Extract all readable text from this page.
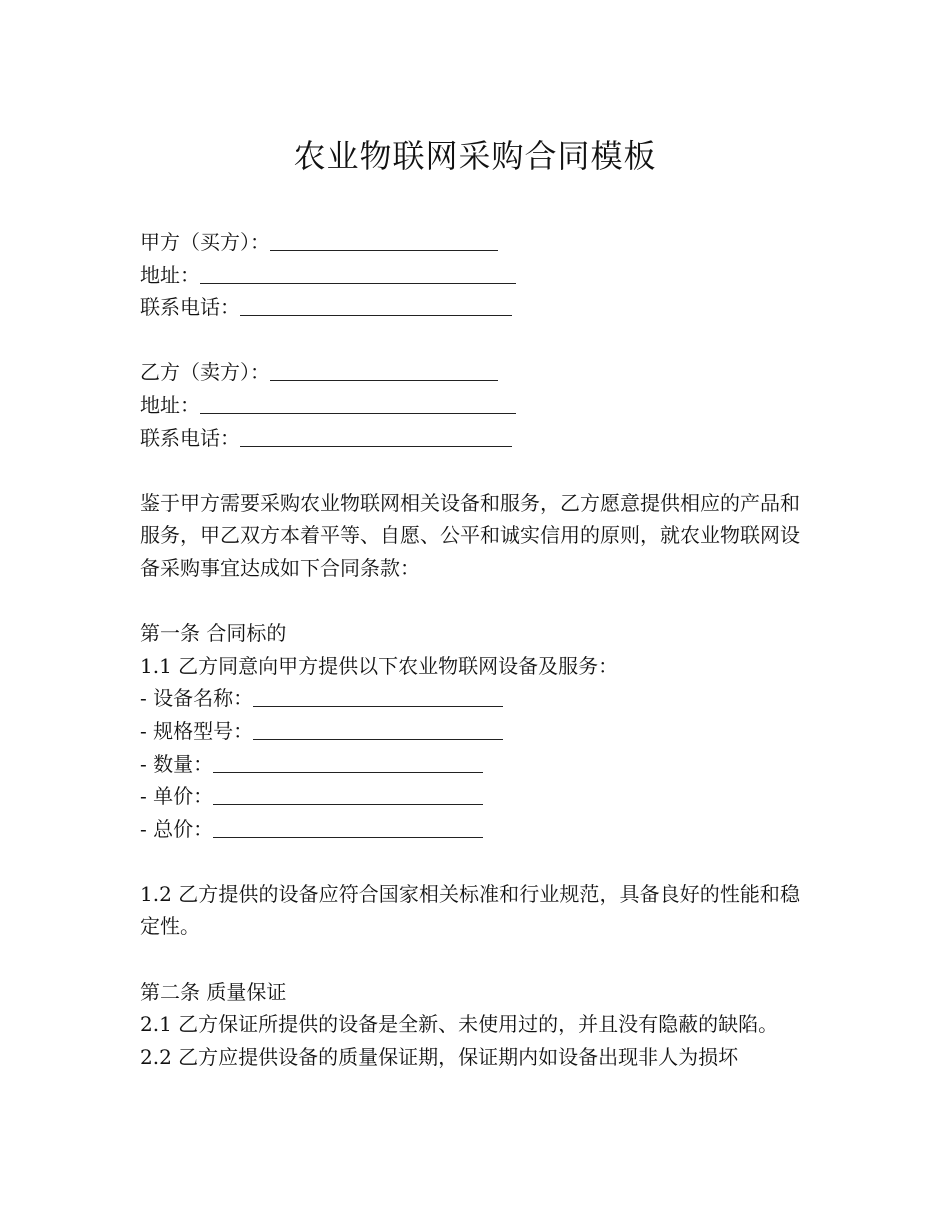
农业物联网采购合同模板
甲方（买方）：
地址：
联系电话：
乙方（卖方）：
地址：
联系电话：
鉴于甲方需要采购农业物联网相关设备和服务，乙方愿意提供相应的产品和服务，甲乙双方本着平等、自愿、公平和诚实信用的原则，就农业物联网设备采购事宜达成如下合同条款：
第一条 合同标的
1.1 乙方同意向甲方提供以下农业物联网设备及服务：
- 设备名称：
- 规格型号：
- 数量：
- 单价：
- 总价：
1.2 乙方提供的设备应符合国家相关标准和行业规范，具备良好的性能和稳定性。
第二条 质量保证
2.1 乙方保证所提供的设备是全新、未使用过的，并且没有隐蔽的缺陷。
2.2 乙方应提供设备的质量保证期，保证期内如设备出现非人为损坏
